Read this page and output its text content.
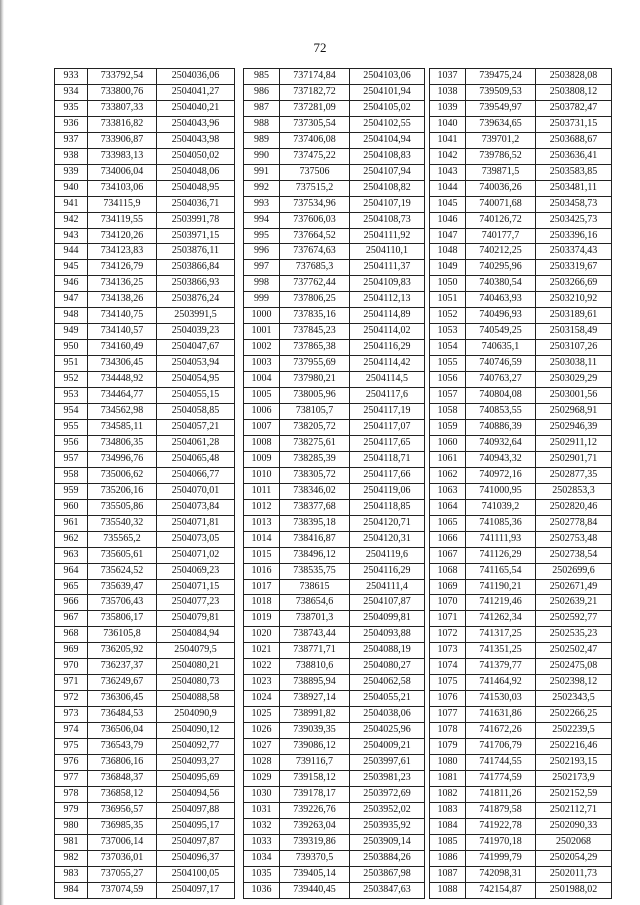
72
933	733792,54	2504036,06
934	733800,76	2504041,27
935	733807,33	2504040,21
936	733816,82	2504043,96
937	733906,87	2504043,98
938	733983,13	2504050,02
939	734006,04	2504048,06
940	734103,06	2504048,95
941	734115,9	2504036,71
942	734119,55	2503991,78
943	734120,26	2503971,15
944	734123,83	2503876,11
945	734126,79	2503866,84
946	734136,25	2503866,93
947	734138,26	2503876,24
948	734140,75	2503991,5
949	734140,57	2504039,23
950	734160,49	2504047,67
951	734306,45	2504053,94
952	734448,92	2504054,95
953	734464,77	2504055,15
954	734562,98	2504058,85
955	734585,11	2504057,21
956	734806,35	2504061,28
957	734996,76	2504065,48
958	735006,62	2504066,77
959	735206,16	2504070,01
960	735505,86	2504073,84
961	735540,32	2504071,81
962	735565,2	2504073,05
963	735605,61	2504071,02
964	735624,52	2504069,23
965	735639,47	2504071,15
966	735706,43	2504077,23
967	735806,17	2504079,81
968	736105,8	2504084,94
969	736205,92	2504079,5
970	736237,37	2504080,21
971	736249,67	2504080,73
972	736306,45	2504088,58
973	736484,53	2504090,9
974	736506,04	2504090,12
975	736543,79	2504092,77
976	736806,16	2504093,27
977	736848,37	2504095,69
978	736858,12	2504094,56
979	736956,57	2504097,88
980	736985,35	2504095,17
981	737006,14	2504097,87
982	737036,01	2504096,37
983	737055,27	2504100,05
984	737074,59	2504097,17
985	737174,84	2504103,06
986	737182,72	2504101,94
987	737281,09	2504105,02
988	737305,54	2504102,55
989	737406,08	2504104,94
990	737475,22	2504108,83
991	737506	2504107,94
992	737515,2	2504108,82
993	737534,96	2504107,19
994	737606,03	2504108,73
995	737664,52	2504111,92
996	737674,63	2504110,1
997	737685,3	2504111,37
998	737762,44	2504109,83
999	737806,25	2504112,13
1000	737835,16	2504114,89
1001	737845,23	2504114,02
1002	737865,38	2504116,29
1003	737955,69	2504114,42
1004	737980,21	2504114,5
1005	738005,96	2504117,6
1006	738105,7	2504117,19
1007	738205,72	2504117,07
1008	738275,61	2504117,65
1009	738285,39	2504118,71
1010	738305,72	2504117,66
1011	738346,02	2504119,06
1012	738377,68	2504118,85
1013	738395,18	2504120,71
1014	738416,87	2504120,31
1015	738496,12	2504119,6
1016	738535,75	2504116,29
1017	738615	2504111,4
1018	738654,6	2504107,87
1019	738701,3	2504099,81
1020	738743,44	2504093,88
1021	738771,71	2504088,19
1022	738810,6	2504080,27
1023	738895,94	2504062,58
1024	738927,14	2504055,21
1025	738991,82	2504038,06
1026	739039,35	2504025,96
1027	739086,12	2504009,21
1028	739116,7	2503997,61
1029	739158,12	2503981,23
1030	739178,17	2503972,69
1031	739226,76	2503952,02
1032	739263,04	2503935,92
1033	739319,86	2503909,14
1034	739370,5	2503884,26
1035	739405,14	2503867,98
1036	739440,45	2503847,63
1037	739475,24	2503828,08
1038	739509,53	2503808,12
1039	739549,97	2503782,47
1040	739634,65	2503731,15
1041	739701,2	2503688,67
1042	739786,52	2503636,41
1043	739871,5	2503583,85
1044	740036,26	2503481,11
1045	740071,68	2503458,73
1046	740126,72	2503425,73
1047	740177,7	2503396,16
1048	740212,25	2503374,43
1049	740295,96	2503319,67
1050	740380,54	2503266,69
1051	740463,93	2503210,92
1052	740496,93	2503189,61
1053	740549,25	2503158,49
1054	740635,1	2503107,26
1055	740746,59	2503038,11
1056	740763,27	2503029,29
1057	740804,08	2503001,56
1058	740853,55	2502968,91
1059	740886,39	2502946,39
1060	740932,64	2502911,12
1061	740943,32	2502901,71
1062	740972,16	2502877,35
1063	741000,95	2502853,3
1064	741039,2	2502820,46
1065	741085,36	2502778,84
1066	741111,93	2502753,48
1067	741126,29	2502738,54
1068	741165,54	2502699,6
1069	741190,21	2502671,49
1070	741219,46	2502639,21
1071	741262,34	2502592,77
1072	741317,25	2502535,23
1073	741351,25	2502502,47
1074	741379,77	2502475,08
1075	741464,92	2502398,12
1076	741530,03	2502343,5
1077	741631,86	2502266,25
1078	741672,26	2502239,5
1079	741706,79	2502216,46
1080	741744,55	2502193,15
1081	741774,59	2502173,9
1082	741811,26	2502152,59
1083	741879,58	2502112,71
1084	741922,78	2502090,33
1085	741970,18	2502068
1086	741999,79	2502054,29
1087	742098,31	2502011,73
1088	742154,87	2501988,02
